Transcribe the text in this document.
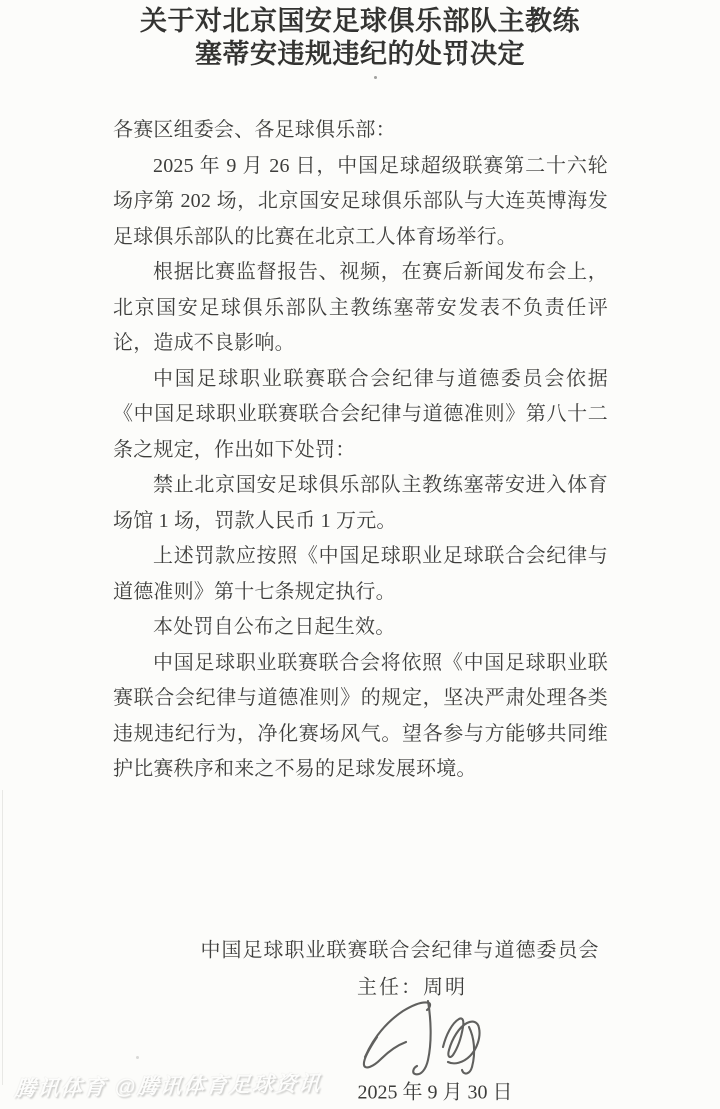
关于对北京国安足球俱乐部队主教练
塞蒂安违规违纪的处罚决定

各赛区组委会、各足球俱乐部：

2025 年 9 月 26 日，中国足球超级联赛第二十六轮场序第 202 场，北京国安足球俱乐部队与大连英博海发足球俱乐部队的比赛在北京工人体育场举行。

根据比赛监督报告、视频，在赛后新闻发布会上，北京国安足球俱乐部队主教练塞蒂安发表不负责任评论，造成不良影响。

中国足球职业联赛联合会纪律与道德委员会依据《中国足球职业联赛联合会纪律与道德准则》第八十二条之规定，作出如下处罚：

禁止北京国安足球俱乐部队主教练塞蒂安进入体育场馆 1 场，罚款人民币 1 万元。

上述罚款应按照《中国足球职业足球联合会纪律与道德准则》第十七条规定执行。

本处罚自公布之日起生效。

中国足球职业联赛联合会将依照《中国足球职业联赛联合会纪律与道德准则》的规定，坚决严肃处理各类违规违纪行为，净化赛场风气。望各参与方能够共同维护比赛秩序和来之不易的足球发展环境。

中国足球职业联赛联合会纪律与道德委员会
主任：周明
2025 年 9 月 30 日
腾讯体育 @腾讯体育足球资讯
